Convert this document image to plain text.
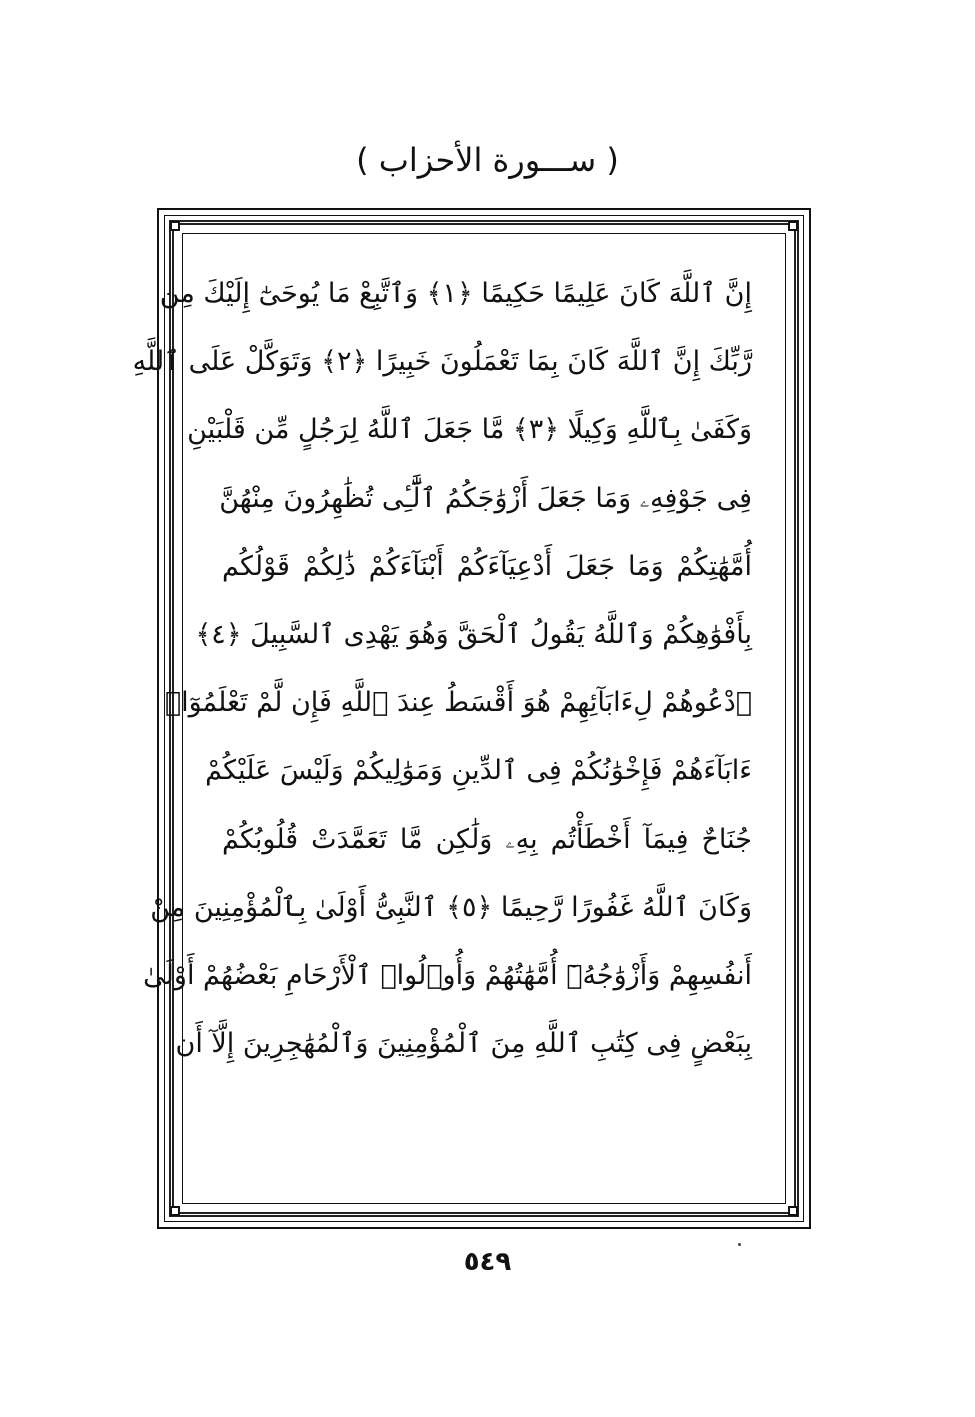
( ســـورة الأحزاب )
إِنَّ ٱللَّهَ كَانَ عَلِيمًا حَكِيمًا ﴿١﴾ وَٱتَّبِعْ مَا يُوحَىٰٓ إِلَيْكَ مِن
رَّبِّكَ إِنَّ ٱللَّهَ كَانَ بِمَا تَعْمَلُونَ خَبِيرًا ﴿٢﴾ وَتَوَكَّلْ عَلَى ٱللَّهِ
وَكَفَىٰ بِٱللَّهِ وَكِيلًا ﴿٣﴾ مَّا جَعَلَ ٱللَّهُ لِرَجُلٍ مِّن قَلْبَيْنِ
فِى جَوْفِهِۦ وَمَا جَعَلَ أَزْوَٰجَكُمُ ٱلَّٰٓـِٔى تُظَٰهِرُونَ مِنْهُنَّ
أُمَّهَٰتِكُمْ وَمَا جَعَلَ أَدْعِيَآءَكُمْ أَبْنَآءَكُمْ ذَٰلِكُمْ قَوْلُكُم
بِأَفْوَٰهِكُمْ وَٱللَّهُ يَقُولُ ٱلْحَقَّ وَهُوَ يَهْدِى ٱلسَّبِيلَ ﴿٤﴾
ٱدْعُوهُمْ لِءَابَآئِهِمْ هُوَ أَقْسَطُ عِندَ ٱللَّهِ فَإِن لَّمْ تَعْلَمُوٓا۟
ءَابَآءَهُمْ فَإِخْوَٰنُكُمْ فِى ٱلدِّينِ وَمَوَٰلِيكُمْ وَلَيْسَ عَلَيْكُمْ
جُنَاحٌ فِيمَآ أَخْطَأْتُم بِهِۦ وَلَٰكِن مَّا تَعَمَّدَتْ قُلُوبُكُمْ
وَكَانَ ٱللَّهُ غَفُورًا رَّحِيمًا ﴿٥﴾ ٱلنَّبِىُّ أَوْلَىٰ بِٱلْمُؤْمِنِينَ مِنْ
أَنفُسِهِمْ وَأَزْوَٰجُهُۥٓ أُمَّهَٰتُهُمْ وَأُو۟لُوا۟ ٱلْأَرْحَامِ بَعْضُهُمْ أَوْلَىٰ
بِبَعْضٍ فِى كِتَٰبِ ٱللَّهِ مِنَ ٱلْمُؤْمِنِينَ وَٱلْمُهَٰجِرِينَ إِلَّآ أَن
٥٤٩
